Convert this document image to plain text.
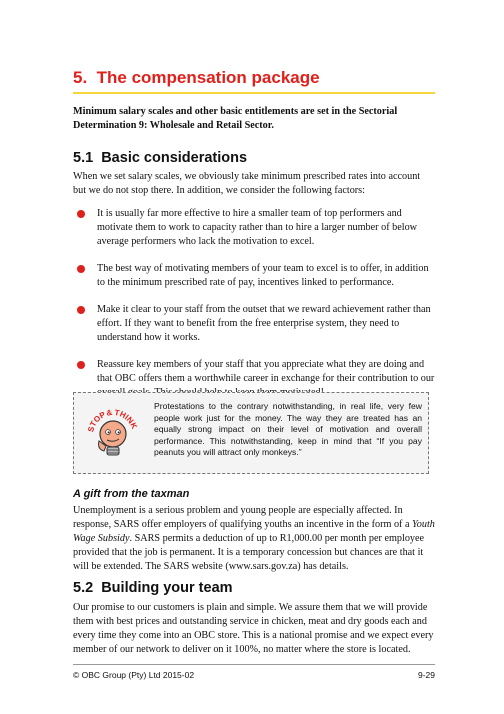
5.  The compensation package
Minimum salary scales and other basic entitlements are set in the Sectorial Determination 9: Wholesale and Retail Sector.
5.1  Basic considerations
When we set salary scales, we obviously take minimum prescribed rates into account but we do not stop there. In addition, we consider the following factors:
It is usually far more effective to hire a smaller team of top performers and motivate them to work to capacity rather than to hire a larger number of below average performers who lack the motivation to excel.
The best way of motivating members of your team to excel is to offer, in addition to the minimum prescribed rate of pay, incentives linked to performance.
Make it clear to your staff from the outset that we reward achievement rather than effort. If they want to benefit from the free enterprise system, they need to understand how it works.
Reassure key members of your staff that you appreciate what they are doing and that OBC offers them a worthwhile career in exchange for their contribution to our
STOP
& THINK
Protestations to the contrary notwithstanding, in real life, very few people work just for the money. The way they are treated has an equally strong impact on their level of motivation and overall performance. This notwithstanding, keep in mind that “If you pay peanuts you will attract only monkeys.”
A gift from the taxman
Unemployment is a serious problem and young people are especially affected. In response, SARS offer employers of qualifying youths an incentive in the form of a Youth Wage Subsidy. SARS permits a deduction of up to R1,000.00 per month per employee provided that the job is permanent. It is a temporary concession but chances are that it will be extended. The SARS website (www.sars.gov.za) has details.
5.2  Building your team
Our promise to our customers is plain and simple. We assure them that we will provide them with best prices and outstanding service in chicken, meat and dry goods each and every time they come into an OBC store. This is a national promise and we expect every member of our network to deliver on it 100%, no matter where the store is located.
© OBC Group (Pty) Ltd 2015-02	9-29
